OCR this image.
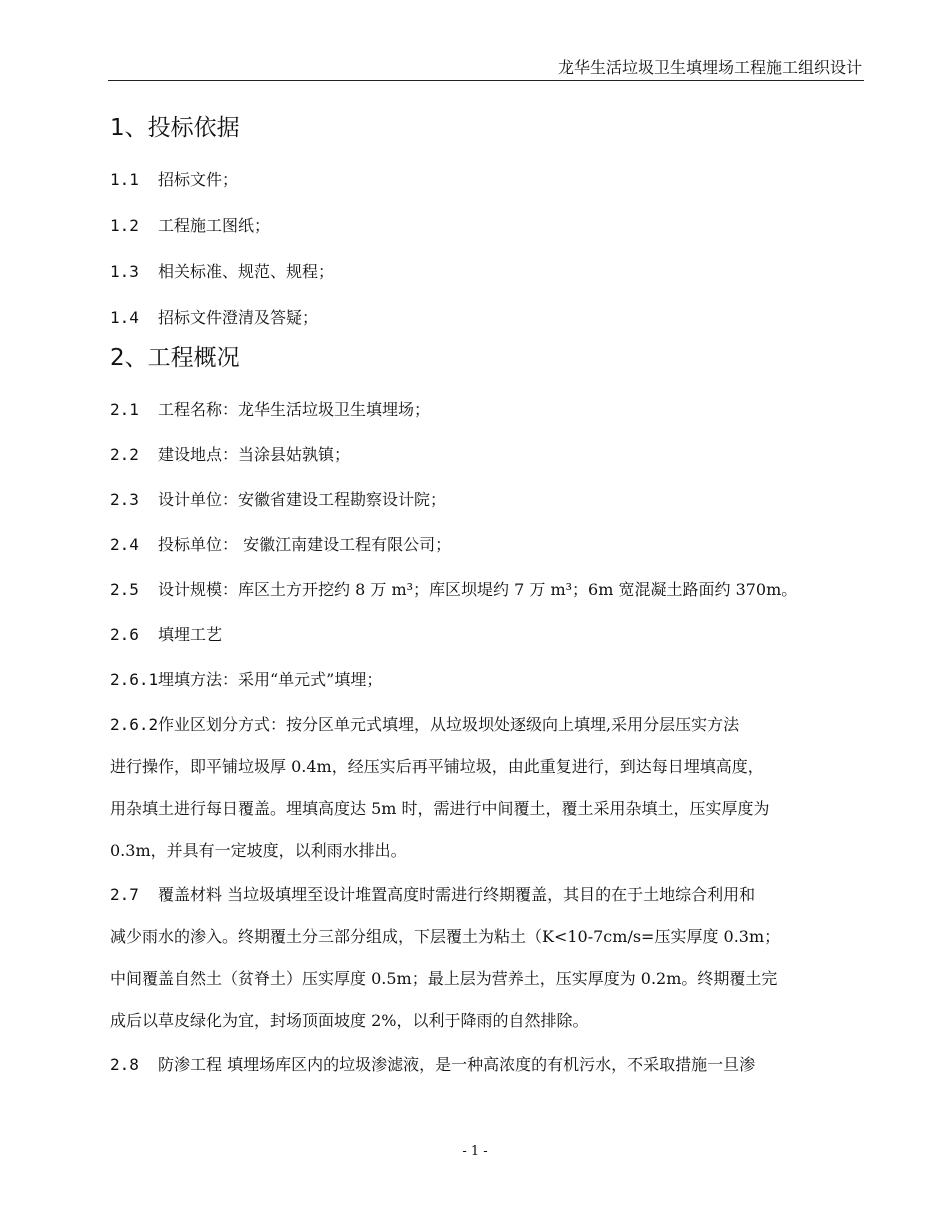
龙华生活垃圾卫生填埋场工程施工组织设计
1、投标依据
1.1 招标文件；
1.2 工程施工图纸；
1.3 相关标准、规范、规程；
1.4 招标文件澄清及答疑；
2、工程概况
2.1 工程名称：龙华生活垃圾卫生填埋场；
2.2 建设地点：当涂县姑孰镇；
2.3 设计单位：安徽省建设工程勘察设计院；
2.4 投标单位： 安徽江南建设工程有限公司；
2.5 设计规模：库区土方开挖约 8 万 m³；库区坝堤约 7 万 m³；6m 宽混凝土路面约 370m。
2.6 填埋工艺
2.6.1埋填方法：采用“单元式”填埋；
2.6.2作业区划分方式：按分区单元式填埋，从垃圾坝处逐级向上填埋,采用分层压实方法
进行操作，即平铺垃圾厚 0.4m，经压实后再平铺垃圾，由此重复进行，到达每日埋填高度，
用杂填土进行每日覆盖。埋填高度达 5m 时，需进行中间覆土，覆土采用杂填土，压实厚度为
0.3m，并具有一定坡度，以利雨水排出。
2.7 覆盖材料 当垃圾填埋至设计堆置高度时需进行终期覆盖，其目的在于土地综合利用和
减少雨水的渗入。终期覆土分三部分组成，下层覆土为粘土（K<10-7cm/s=压实厚度 0.3m；
中间覆盖自然土（贫脊土）压实厚度 0.5m；最上层为营养土，压实厚度为 0.2m。终期覆土完
成后以草皮绿化为宜，封场顶面坡度 2%，以利于降雨的自然排除。
2.8 防渗工程 填埋场库区内的垃圾渗滤液，是一种高浓度的有机污水，不采取措施一旦渗
- 1 -
